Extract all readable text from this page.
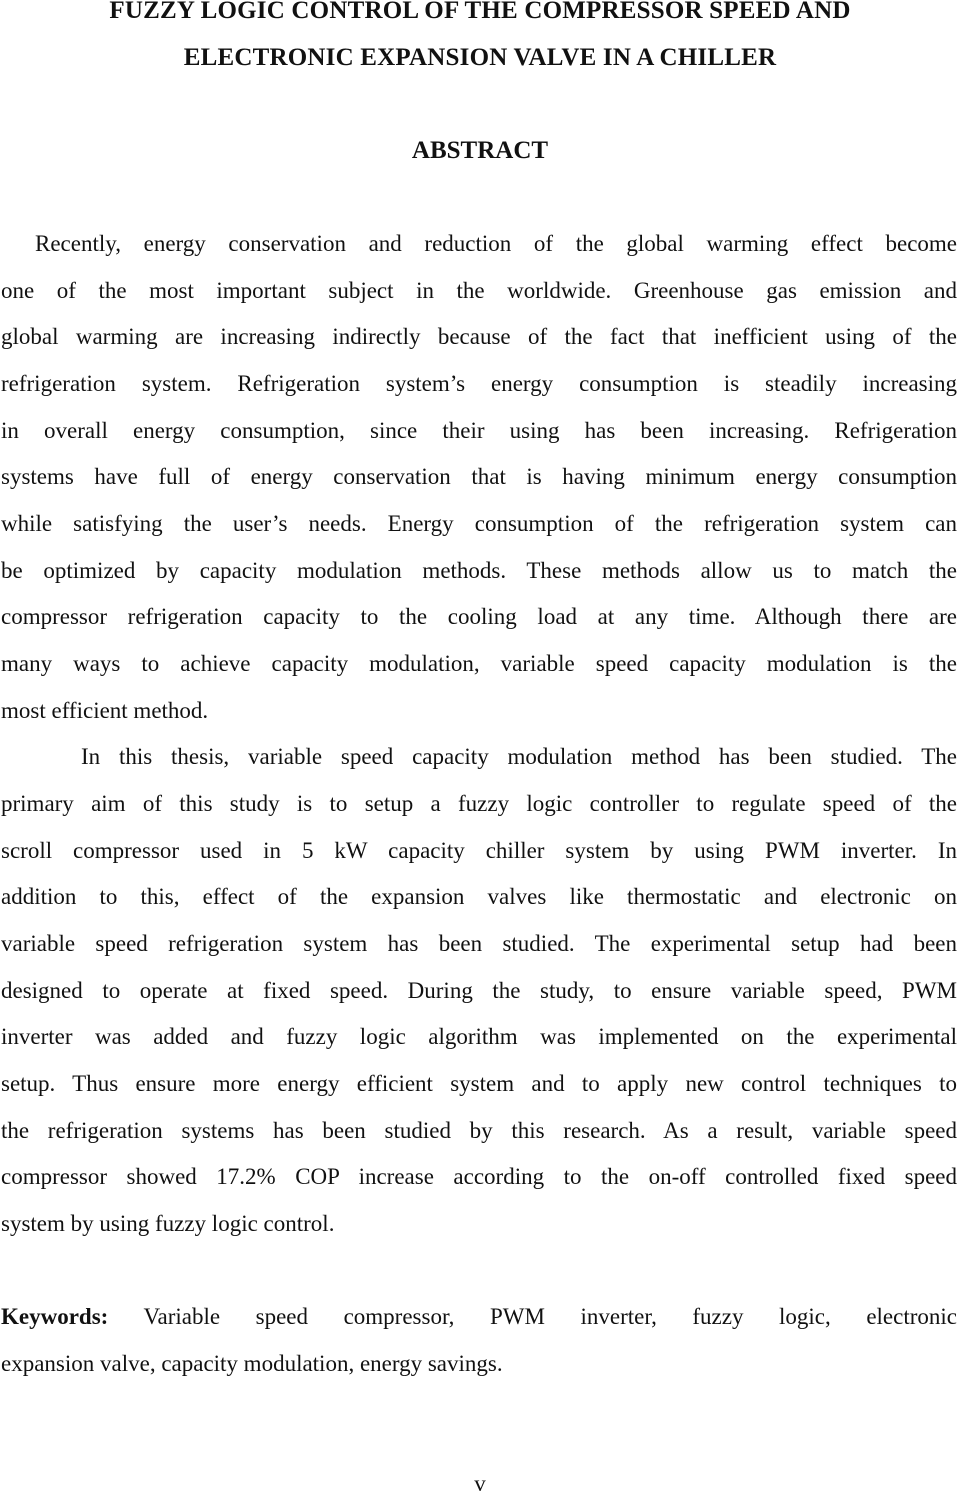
FUZZY LOGIC CONTROL OF THE COMPRESSOR SPEED AND
ELECTRONIC EXPANSION VALVE IN A CHILLER
ABSTRACT
Recently, energy conservation and reduction of the global warming effect become
one of the most important subject in the worldwide. Greenhouse gas emission and
global warming are increasing indirectly because of the fact that inefficient using of the
refrigeration system. Refrigeration system’s energy consumption is steadily increasing
in overall energy consumption, since their using has been increasing. Refrigeration
systems have full of energy conservation that is having minimum energy consumption
while satisfying the user’s needs. Energy consumption of the refrigeration system can
be optimized by capacity modulation methods. These methods allow us to match the
compressor refrigeration capacity to the cooling load at any time. Although there are
many ways to achieve capacity modulation, variable speed capacity modulation is the
most efficient method.
In this thesis, variable speed capacity modulation method has been studied. The
primary aim of this study is to setup a fuzzy logic controller to regulate speed of the
scroll compressor used in 5 kW capacity chiller system by using PWM inverter. In
addition to this, effect of the expansion valves like thermostatic and electronic on
variable speed refrigeration system has been studied. The experimental setup had been
designed to operate at fixed speed. During the study, to ensure variable speed, PWM
inverter was added and fuzzy logic algorithm was implemented on the experimental
setup. Thus ensure more energy efficient system and to apply new control techniques to
the refrigeration systems has been studied by this research. As a result, variable speed
compressor showed 17.2% COP increase according to the on-off controlled fixed speed
system by using fuzzy logic control.
Keywords: Variable speed compressor, PWM inverter, fuzzy logic, electronic
expansion valve, capacity modulation, energy savings.
v
